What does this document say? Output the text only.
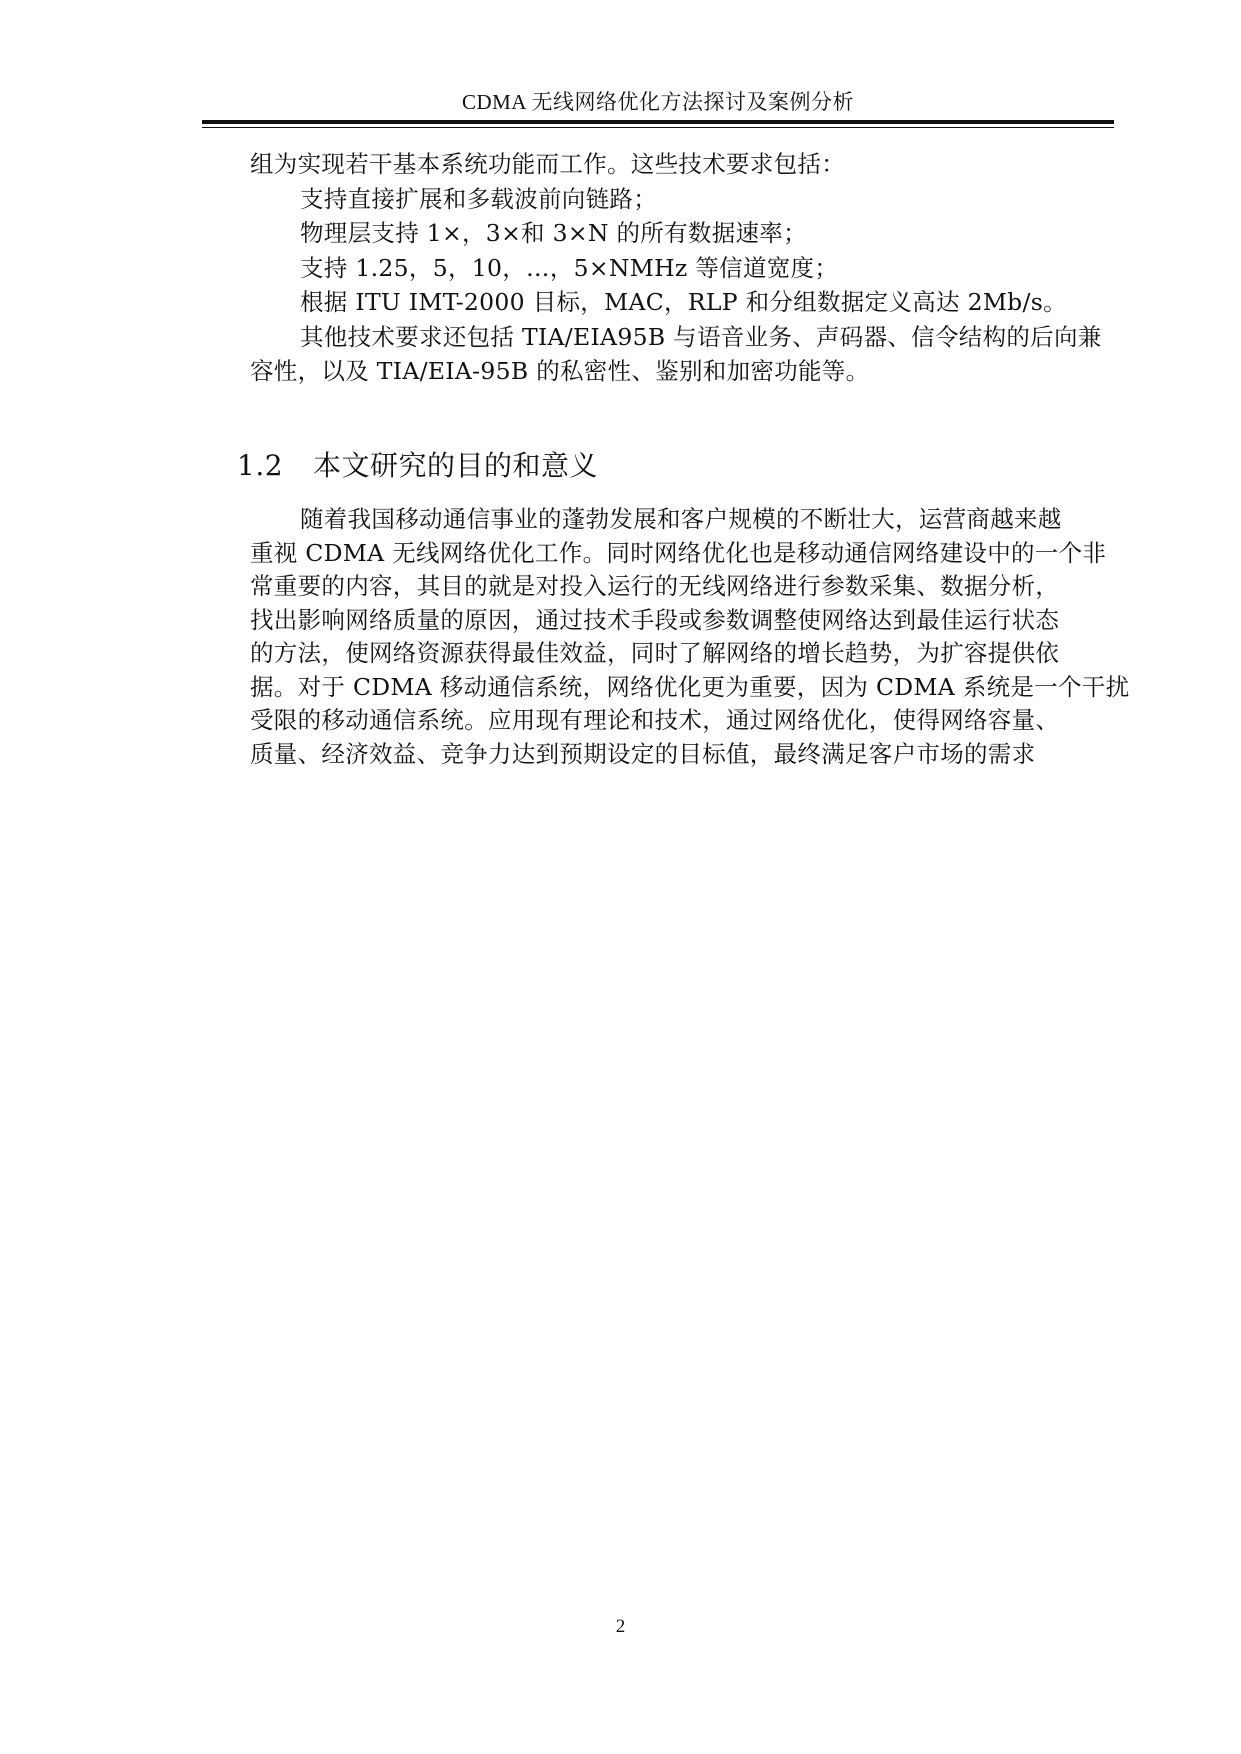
CDMA 无线网络优化方法探讨及案例分析
组为实现若干基本系统功能而工作。这些技术要求包括：
支持直接扩展和多载波前向链路；
物理层支持 1×，3×和 3×N 的所有数据速率；
支持 1.25，5，10，…，5×NMHz 等信道宽度；
根据 ITU IMT-2000 目标，MAC，RLP 和分组数据定义高达 2Mb/s。
其他技术要求还包括 TIA/EIA95B 与语音业务、声码器、信令结构的后向兼
容性，以及 TIA/EIA-95B 的私密性、鉴别和加密功能等。
1.2 本文研究的目的和意义
随着我国移动通信事业的蓬勃发展和客户规模的不断壮大，运营商越来越
重视 CDMA 无线网络优化工作。同时网络优化也是移动通信网络建设中的一个非
常重要的内容，其目的就是对投入运行的无线网络进行参数采集、数据分析，
找出影响网络质量的原因，通过技术手段或参数调整使网络达到最佳运行状态
的方法，使网络资源获得最佳效益，同时了解网络的增长趋势，为扩容提供依
据。对于 CDMA 移动通信系统，网络优化更为重要，因为 CDMA 系统是一个干扰
受限的移动通信系统。应用现有理论和技术，通过网络优化，使得网络容量、
质量、经济效益、竞争力达到预期设定的目标值，最终满足客户市场的需求
2
